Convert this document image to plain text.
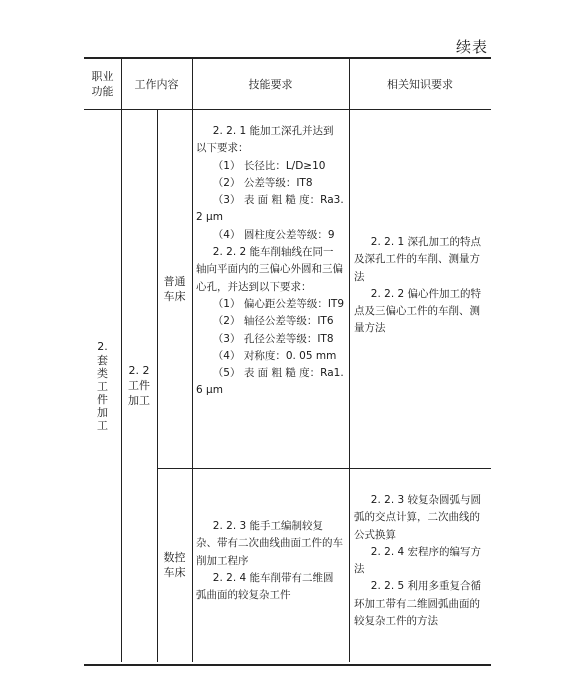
续表
职业
功能
工作内容	技能要求	相关知识要求
2.
套类工件加工
2. 2
工件
加工
普通
车床

2. 2. 1 能加工深孔并达到以下要求：

（1） 长径比：L/D≥10

（2） 公差等级：IT8

（3） 表 面 粗 糙 度：Ra3. 2 μm

（4） 圆柱度公差等级：9

2. 2. 2 能车削轴线在同一轴向平面内的三偏心外圆和三偏心孔，并达到以下要求：

（1） 偏心距公差等级：IT9

（2） 轴径公差等级：IT6

（3） 孔径公差等级：IT8

（4） 对称度：0. 05 mm

（5） 表 面 粗 糙 度：Ra1. 6 μm

2. 2. 1 深孔加工的特点及深孔工件的车削、测量方法

2. 2. 2 偏心件加工的特点及三偏心工件的车削、测量方法

数控
车床

2. 2. 3 能手工编制较复杂、带有二次曲线曲面工件的车削加工程序

2. 2. 4 能车削带有二维圆弧曲面的较复杂工件

2. 2. 3 较复杂圆弧与圆弧的交点计算，二次曲线的公式换算

2. 2. 4 宏程序的编写方法

2. 2. 5 利用多重复合循环加工带有二维圆弧曲面的较复杂工件的方法
